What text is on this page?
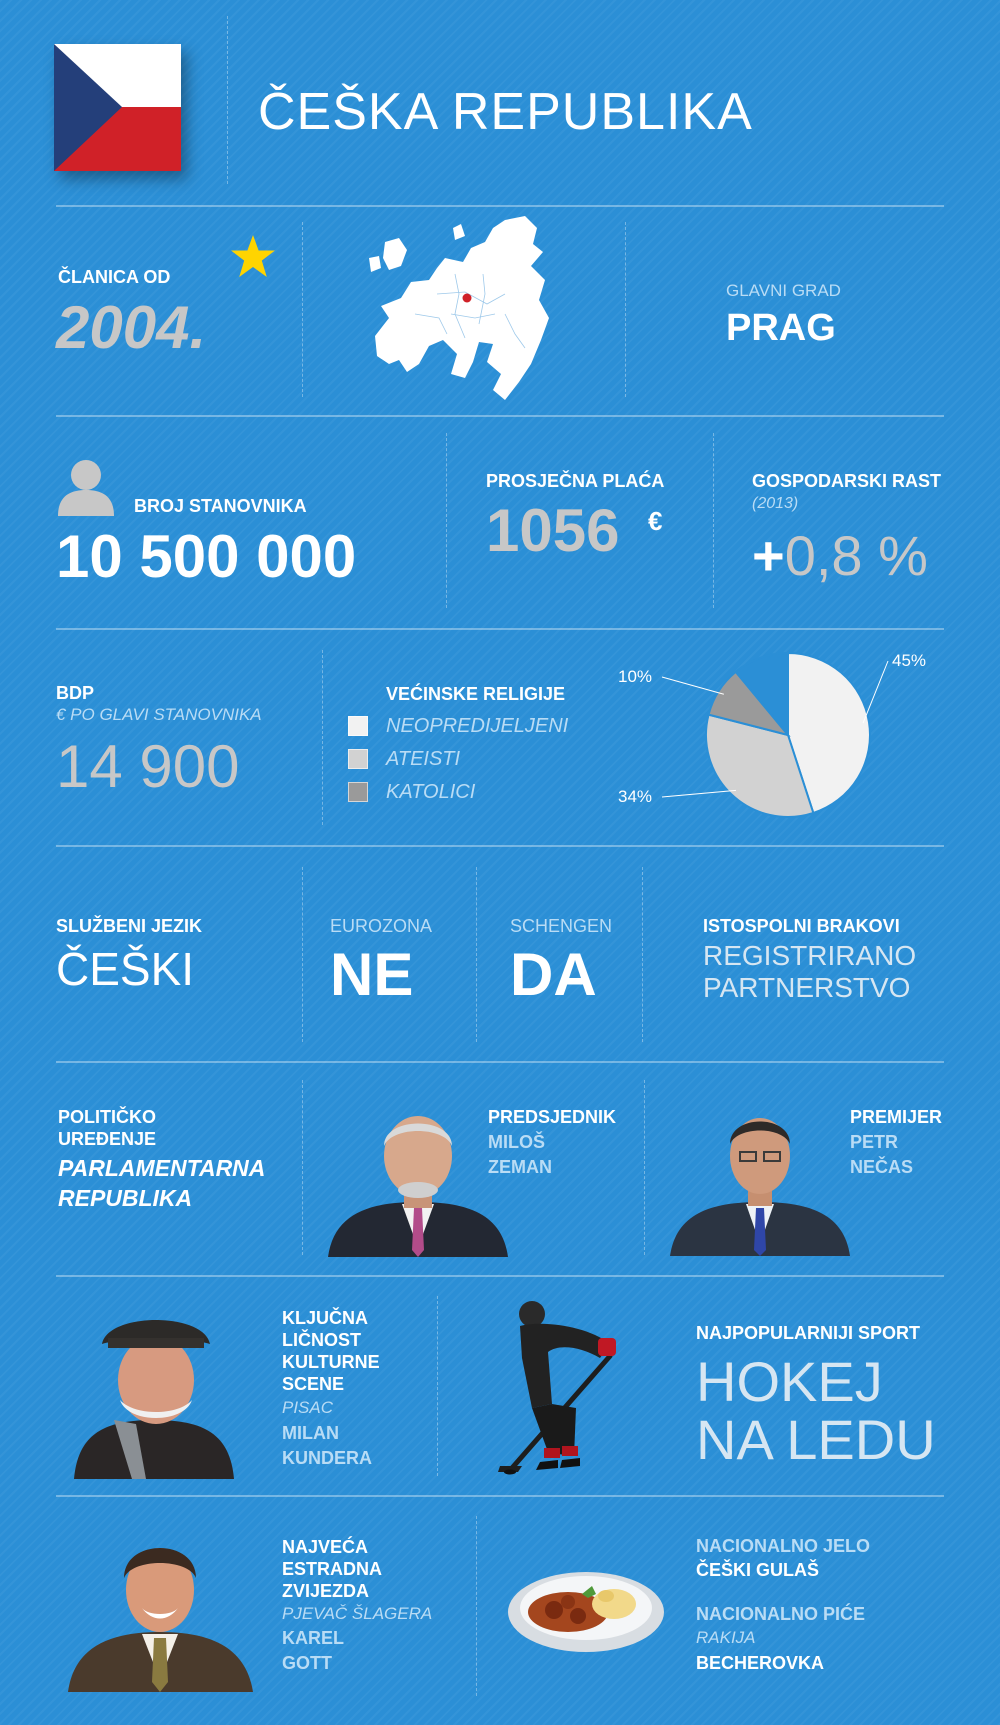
ČEŠKA REPUBLIKA
ČLANICA OD
2004.
GLAVNI GRAD
PRAG
BROJ STANOVNIKA
10 500 000
PROSJEČNA PLAĆA
1056 €
GOSPODARSKI RAST
(2013)
+0,8 %
BDP
€ PO GLAVI STANOVNIKA
14 900
VEĆINSKE RELIGIJE
NEOPREDIJELJENI
ATEISTI
KATOLICI
45%
34%
10%
SLUŽBENI JEZIK
ČEŠKI
EUROZONA
NE
SCHENGEN
DA
ISTOSPOLNI BRAKOVI
REGISTRIRANO
PARTNERSTVO
POLITIČKO
UREĐENJE
PARLAMENTARNA
REPUBLIKA
PREDSJEDNIK
MILOŠ
ZEMAN
PREMIJER
PETR
NEČAS
KLJUČNA
LIČNOST
KULTURNE
SCENE
PISAC
MILAN
KUNDERA
NAJPOPULARNIJI SPORT
HOKEJ
NA LEDU
NAJVEĆA
ESTRADNA
ZVIJEZDA
PJEVAČ ŠLAGERA
KAREL
GOTT
NACIONALNO JELO
ČEŠKI GULAŠ
NACIONALNO PIĆE
RAKIJA
BECHEROVKA
